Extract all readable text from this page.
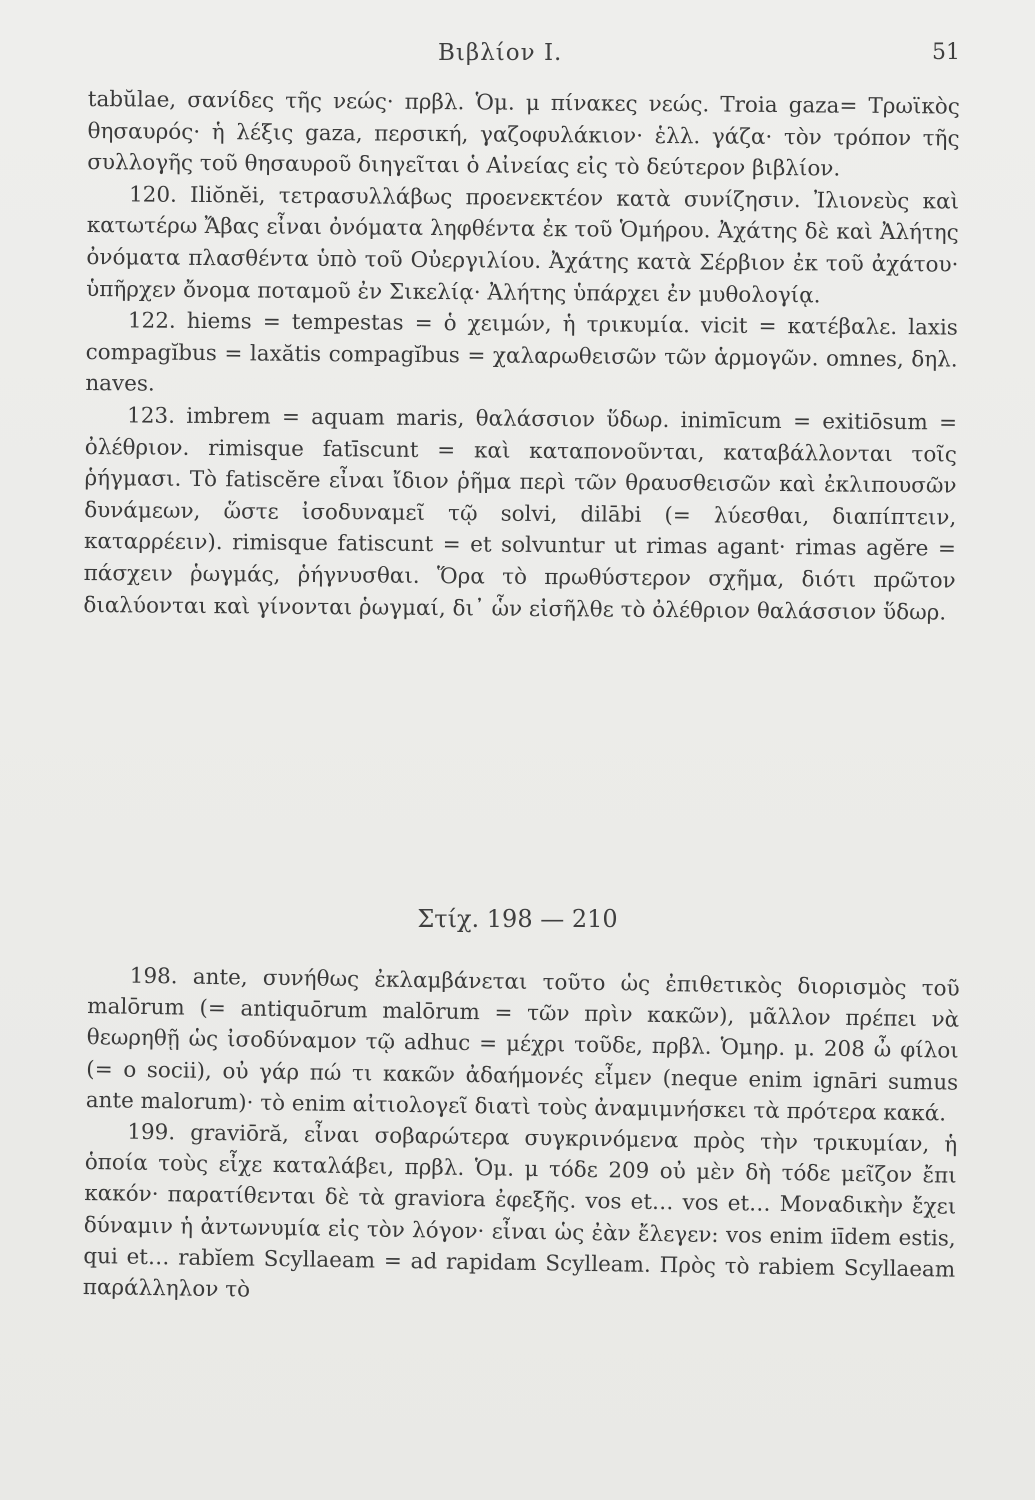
Βιβλίον I.	51

tabŭlae, σανίδες τῆς νεώς· πρβλ. Ὁμ. μ πίνακες νεώς. Troia gaza= Τρωϊκὸς θησαυρός· ἡ λέξις gaza, περσική, γαζοφυλάκιον· ἑλλ. γάζα· τὸν τρόπον τῆς συλλογῆς τοῦ θησαυροῦ διηγεῖται ὁ Αἰνείας εἰς τὸ δεύτερον βιβλίον.

120. Iliŏnĕi, τετρασυλλάβως προενεκτέον κατὰ συνίζησιν. Ἰλιονεὺς καὶ κατωτέρω Ἄβας εἶναι ὀνόματα ληφθέντα ἐκ τοῦ Ὁμήρου. Ἀχάτης δὲ καὶ Ἀλήτης ὀνόματα πλασθέντα ὑπὸ τοῦ Οὐεργιλίου. Ἀχάτης κατὰ Σέρβιον ἐκ τοῦ ἀχάτου· ὑπῆρχεν ὄνομα ποταμοῦ ἐν Σικελίᾳ· Ἀλήτης ὑπάρχει ἐν μυθολογίᾳ.

122. hiems = tempestas = ὁ χειμών, ἡ τρικυμία. vicit = κατέβαλε. laxis compagĭbus = laxătis compagĭbus = χαλαρωθεισῶν τῶν ἁρμογῶν. omnes, δηλ. naves.

123. imbrem = aquam maris, θαλάσσιον ὕδωρ. inimīcum = exitiōsum = ὀλέθριον. rimisque fatīscunt = καὶ καταπονοῦνται, καταβάλλονται τοῖς ῥήγμασι. Τὸ fatiscĕre εἶναι ἴδιον ῥῆμα περὶ τῶν θραυσθεισῶν καὶ ἐκλιπουσῶν δυνάμεων, ὥστε ἰσοδυναμεῖ τῷ solvi, dilābi (= λύεσθαι, διαπίπτειν, καταρρέειν). rimisque fatiscunt = et solvuntur ut rimas agant· rimas agĕre = πάσχειν ῥωγμάς, ῥήγνυσθαι. Ὅρα τὸ πρωθύστερον σχῆμα, διότι πρῶτον διαλύονται καὶ γίνονται ῥωγμαί, δι᾽ ὧν εἰσῆλθε τὸ ὀλέθριον θαλάσσιον ὕδωρ.

Στίχ. 198 — 210

198. ante, συνήθως ἐκλαμβάνεται τοῦτο ὡς ἐπιθετικὸς διορισμὸς τοῦ malōrum (= antiquōrum malōrum = τῶν πρὶν κακῶν), μᾶλλον πρέπει νὰ θεωρηθῇ ὡς ἰσοδύναμον τῷ adhuc = μέχρι τοῦδε, πρβλ. Ὁμηρ. μ. 208 ὦ φίλοι (= o socii), οὐ γάρ πώ τι κακῶν ἀδαήμονές εἶμεν (neque enim ignāri sumus ante malorum)· τὸ enim αἰτιολογεῖ διατὶ τοὺς ἀναμιμνήσκει τὰ πρότερα κακά.

199. graviōră, εἶναι σοβαρώτερα συγκρινόμενα πρὸς τὴν τρικυμίαν, ἡ ὁποία τοὺς εἶχε καταλάβει, πρβλ. Ὁμ. μ τόδε 209 οὐ μὲν δὴ τόδε μεῖζον ἔπι κακόν· παρατίθενται δὲ τὰ graviora ἐφεξῆς. vos et… vos et… Μοναδικὴν ἔχει δύναμιν ἡ ἀντωνυμία εἰς τὸν λόγον· εἶναι ὡς ἐὰν ἔλεγεν: vos enim iīdem estis, qui et… rabĭem Scyllaeam = ad rapidam Scylleam. Πρὸς τὸ rabiem Scyllaeam παράλληλον τὸ
